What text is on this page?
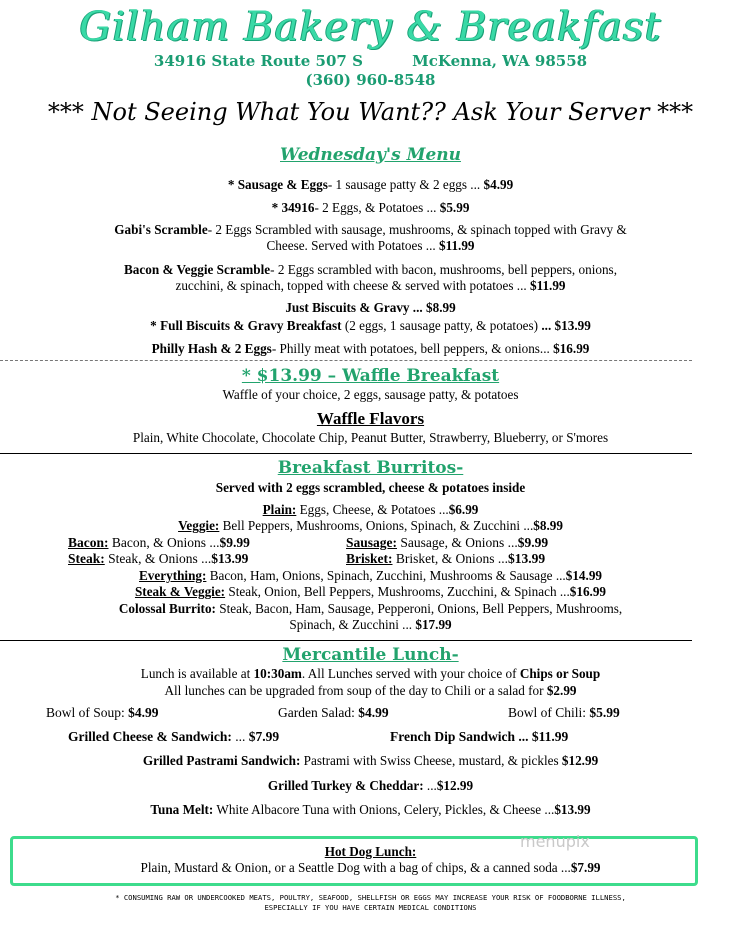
Gilham Bakery & Breakfast
34916 State Route 507 S	McKenna, WA 98558
(360) 960-8548
*** Not Seeing What You Want?? Ask Your Server ***
Wednesday's Menu
* Sausage & Eggs- 1 sausage patty & 2 eggs ... $4.99
* 34916- 2 Eggs, & Potatoes ... $5.99
Gabi's Scramble- 2 Eggs Scrambled with sausage, mushrooms, & spinach topped with Gravy &
Cheese. Served with Potatoes ... $11.99
Bacon & Veggie Scramble- 2 Eggs scrambled with bacon, mushrooms, bell peppers, onions,
zucchini, & spinach, topped with cheese & served with potatoes ... $11.99
Just Biscuits & Gravy ... $8.99
* Full Biscuits & Gravy Breakfast (2 eggs, 1 sausage patty, & potatoes) ... $13.99
Philly Hash & 2 Eggs- Philly meat with potatoes, bell peppers, & onions... $16.99
* $13.99 – Waffle Breakfast
Waffle of your choice, 2 eggs, sausage patty, & potatoes
Waffle Flavors
Plain, White Chocolate, Chocolate Chip, Peanut Butter, Strawberry, Blueberry, or S'mores
Breakfast Burritos-
Served with 2 eggs scrambled, cheese & potatoes inside
Plain: Eggs, Cheese, & Potatoes ...$6.99
Veggie: Bell Peppers, Mushrooms, Onions, Spinach, & Zucchini ...$8.99
Bacon: Bacon, & Onions ...$9.99	Sausage: Sausage, & Onions ...$9.99
Steak: Steak, & Onions ...$13.99	Brisket: Brisket, & Onions ...$13.99
Everything: Bacon, Ham, Onions, Spinach, Zucchini, Mushrooms & Sausage ...$14.99
Steak & Veggie: Steak, Onion, Bell Peppers, Mushrooms, Zucchini, & Spinach ...$16.99
Colossal Burrito: Steak, Bacon, Ham, Sausage, Pepperoni, Onions, Bell Peppers, Mushrooms,
Spinach, & Zucchini ... $17.99
Mercantile Lunch-
Lunch is available at 10:30am. All Lunches served with your choice of Chips or Soup
All lunches can be upgraded from soup of the day to Chili or a salad for $2.99
Bowl of Soup: $4.99	Garden Salad: $4.99	Bowl of Chili: $5.99
Grilled Cheese & Sandwich: ... $7.99	French Dip Sandwich ... $11.99
Grilled Pastrami Sandwich: Pastrami with Swiss Cheese, mustard, & pickles $12.99
Grilled Turkey & Cheddar: ...$12.99
Tuna Melt: White Albacore Tuna with Onions, Celery, Pickles, & Cheese ...$13.99
menupix
Hot Dog Lunch:
Plain, Mustard & Onion, or a Seattle Dog with a bag of chips, & a canned soda ...$7.99
* CONSUMING RAW OR UNDERCOOKED MEATS, POULTRY, SEAFOOD, SHELLFISH OR EGGS MAY INCREASE YOUR RISK OF FOODBORNE ILLNESS,
ESPECIALLY IF YOU HAVE CERTAIN MEDICAL CONDITIONS
